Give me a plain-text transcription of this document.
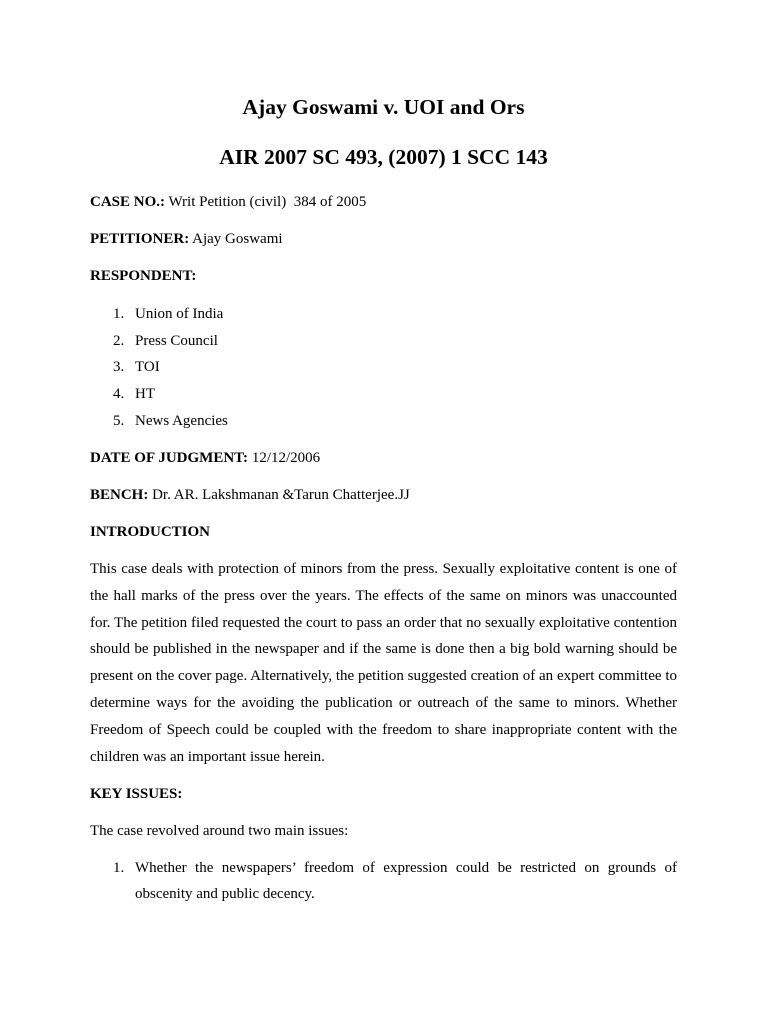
Ajay Goswami v. UOI and Ors
AIR 2007 SC 493, (2007) 1 SCC 143

CASE NO.: Writ Petition (civil)  384 of 2005

PETITIONER: Ajay Goswami

RESPONDENT:

1. Union of India
2. Press Council
3. TOI
4. HT
5. News Agencies

DATE OF JUDGMENT: 12/12/2006

BENCH: Dr. AR. Lakshmanan &Tarun Chatterjee.JJ

INTRODUCTION

This case deals with protection of minors from the press. Sexually exploitative content is one of the hall marks of the press over the years. The effects of the same on minors was unaccounted for. The petition filed requested the court to pass an order that no sexually exploitative contention should be published in the newspaper and if the same is done then a big bold warning should be present on the cover page. Alternatively, the petition suggested creation of an expert committee to determine ways for the avoiding the publication or outreach of the same to minors. Whether Freedom of Speech could be coupled with the freedom to share inappropriate content with the children was an important issue herein.

KEY ISSUES:

The case revolved around two main issues:

1. Whether the newspapers’ freedom of expression could be restricted on grounds of obscenity and public decency.
